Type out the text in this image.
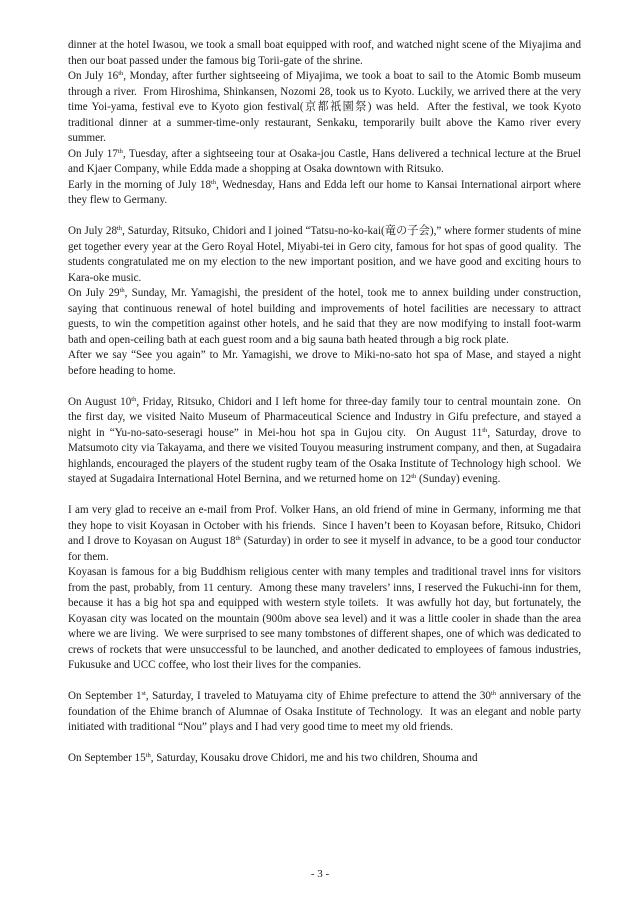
dinner at the hotel Iwasou, we took a small boat equipped with roof, and watched night scene of the Miyajima and then our boat passed under the famous big Torii-gate of the shrine.

On July 16th, Monday, after further sightseeing of Miyajima, we took a boat to sail to the Atomic Bomb museum through a river.  From Hiroshima, Shinkansen, Nozomi 28, took us to Kyoto. Luckily, we arrived there at the very time Yoi-yama, festival eve to Kyoto gion festival(京都祇園祭) was held.  After the festival, we took Kyoto traditional dinner at a summer-time-only restaurant, Senkaku, temporarily built above the Kamo river every summer.

On July 17th, Tuesday, after a sightseeing tour at Osaka-jou Castle, Hans delivered a technical lecture at the Bruel and Kjaer Company, while Edda made a shopping at Osaka downtown with Ritsuko.

Early in the morning of July 18th, Wednesday, Hans and Edda left our home to Kansai International airport where they flew to Germany.

On July 28th, Saturday, Ritsuko, Chidori and I joined “Tatsu-no-ko-kai(竜の子会),” where former students of mine get together every year at the Gero Royal Hotel, Miyabi-tei in Gero city, famous for hot spas of good quality.  The students congratulated me on my election to the new important position, and we have good and exciting hours to Kara-oke music.

On July 29th, Sunday, Mr. Yamagishi, the president of the hotel, took me to annex building under construction, saying that continuous renewal of hotel building and improvements of hotel facilities are necessary to attract guests, to win the competition against other hotels, and he said that they are now modifying to install foot-warm bath and open-ceiling bath at each guest room and a big sauna bath heated through a big rock plate.

After we say “See you again” to Mr. Yamagishi, we drove to Miki-no-sato hot spa of Mase, and stayed a night before heading to home.

On August 10th, Friday, Ritsuko, Chidori and I left home for three-day family tour to central mountain zone.  On the first day, we visited Naito Museum of Pharmaceutical Science and Industry in Gifu prefecture, and stayed a night in “Yu-no-sato-seseragi house” in Mei-hou hot spa in Gujou city.  On August 11th, Saturday, drove to Matsumoto city via Takayama, and there we visited Touyou measuring instrument company, and then, at Sugadaira highlands, encouraged the players of the student rugby team of the Osaka Institute of Technology high school.  We stayed at Sugadaira International Hotel Bernina, and we returned home on 12th (Sunday) evening.

I am very glad to receive an e-mail from Prof. Volker Hans, an old friend of mine in Germany, informing me that they hope to visit Koyasan in October with his friends.  Since I haven’t been to Koyasan before, Ritsuko, Chidori and I drove to Koyasan on August 18th (Saturday) in order to see it myself in advance, to be a good tour conductor for them.

Koyasan is famous for a big Buddhism religious center with many temples and traditional travel inns for visitors from the past, probably, from 11 century.  Among these many travelers’ inns, I reserved the Fukuchi-inn for them, because it has a big hot spa and equipped with western style toilets.  It was awfully hot day, but fortunately, the Koyasan city was located on the mountain (900m above sea level) and it was a little cooler in shade than the area where we are living.  We were surprised to see many tombstones of different shapes, one of which was dedicated to crews of rockets that were unsuccessful to be launched, and another dedicated to employees of famous industries, Fukusuke and UCC coffee, who lost their lives for the companies.

On September 1st, Saturday, I traveled to Matuyama city of Ehime prefecture to attend the 30th anniversary of the foundation of the Ehime branch of Alumnae of Osaka Institute of Technology.  It was an elegant and noble party initiated with traditional “Nou” plays and I had very good time to meet my old friends.

On September 15th, Saturday, Kousaku drove Chidori, me and his two children, Shouma and

- 3 -
